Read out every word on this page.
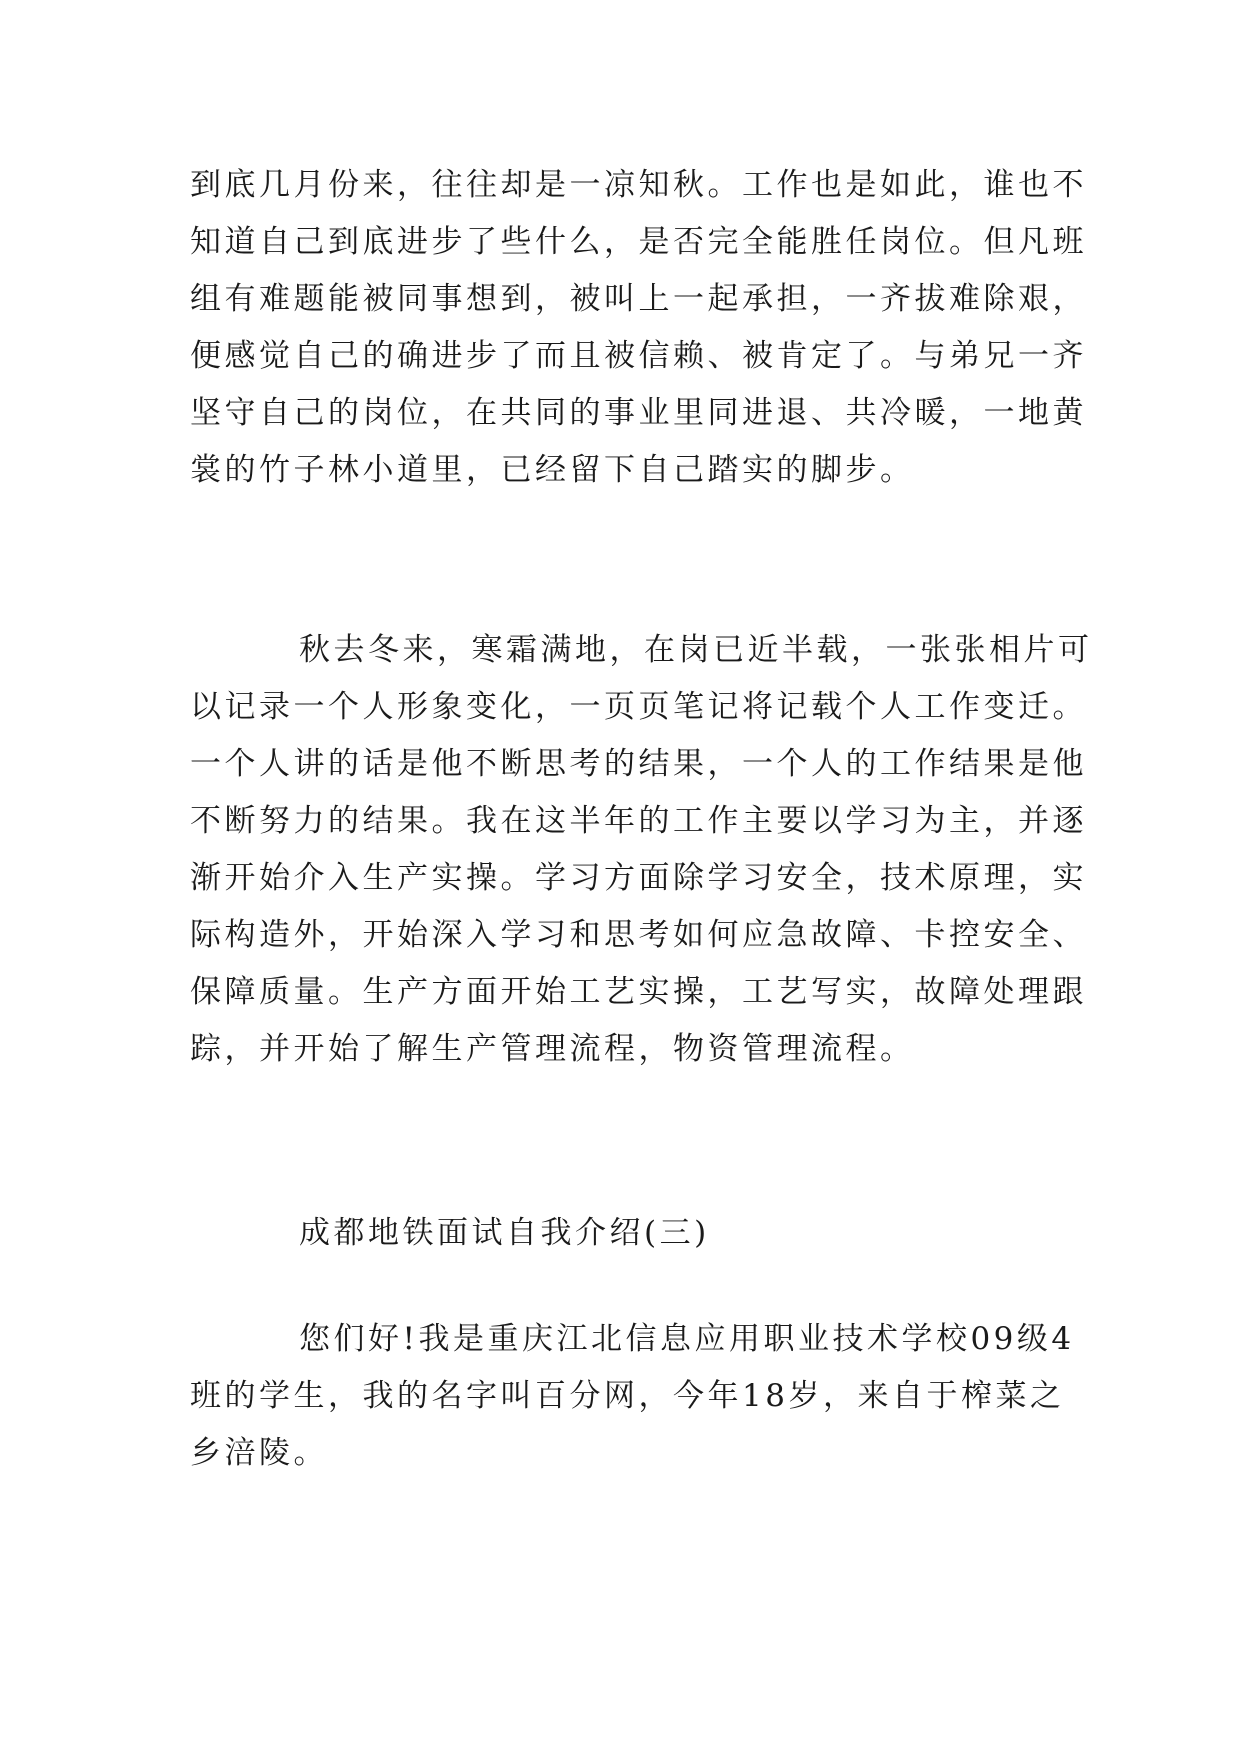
到底几月份来，往往却是一凉知秋。工作也是如此，谁也不
知道自己到底进步了些什么，是否完全能胜任岗位。但凡班
组有难题能被同事想到，被叫上一起承担，一齐拔难除艰，
便感觉自己的确进步了而且被信赖、被肯定了。与弟兄一齐
坚守自己的岗位，在共同的事业里同进退、共冷暖，一地黄
裳的竹子林小道里，已经留下自己踏实的脚步。
秋去冬来，寒霜满地，在岗已近半载，一张张相片可
以记录一个人形象变化，一页页笔记将记载个人工作变迁。
一个人讲的话是他不断思考的结果，一个人的工作结果是他
不断努力的结果。我在这半年的工作主要以学习为主，并逐
渐开始介入生产实操。学习方面除学习安全，技术原理，实
际构造外，开始深入学习和思考如何应急故障、卡控安全、
保障质量。生产方面开始工艺实操，工艺写实，故障处理跟
踪，并开始了解生产管理流程，物资管理流程。
成都地铁面试自我介绍(三)
您们好!我是重庆江北信息应用职业技术学校09级4
班的学生，我的名字叫百分网，今年18岁，来自于榨菜之
乡涪陵。
